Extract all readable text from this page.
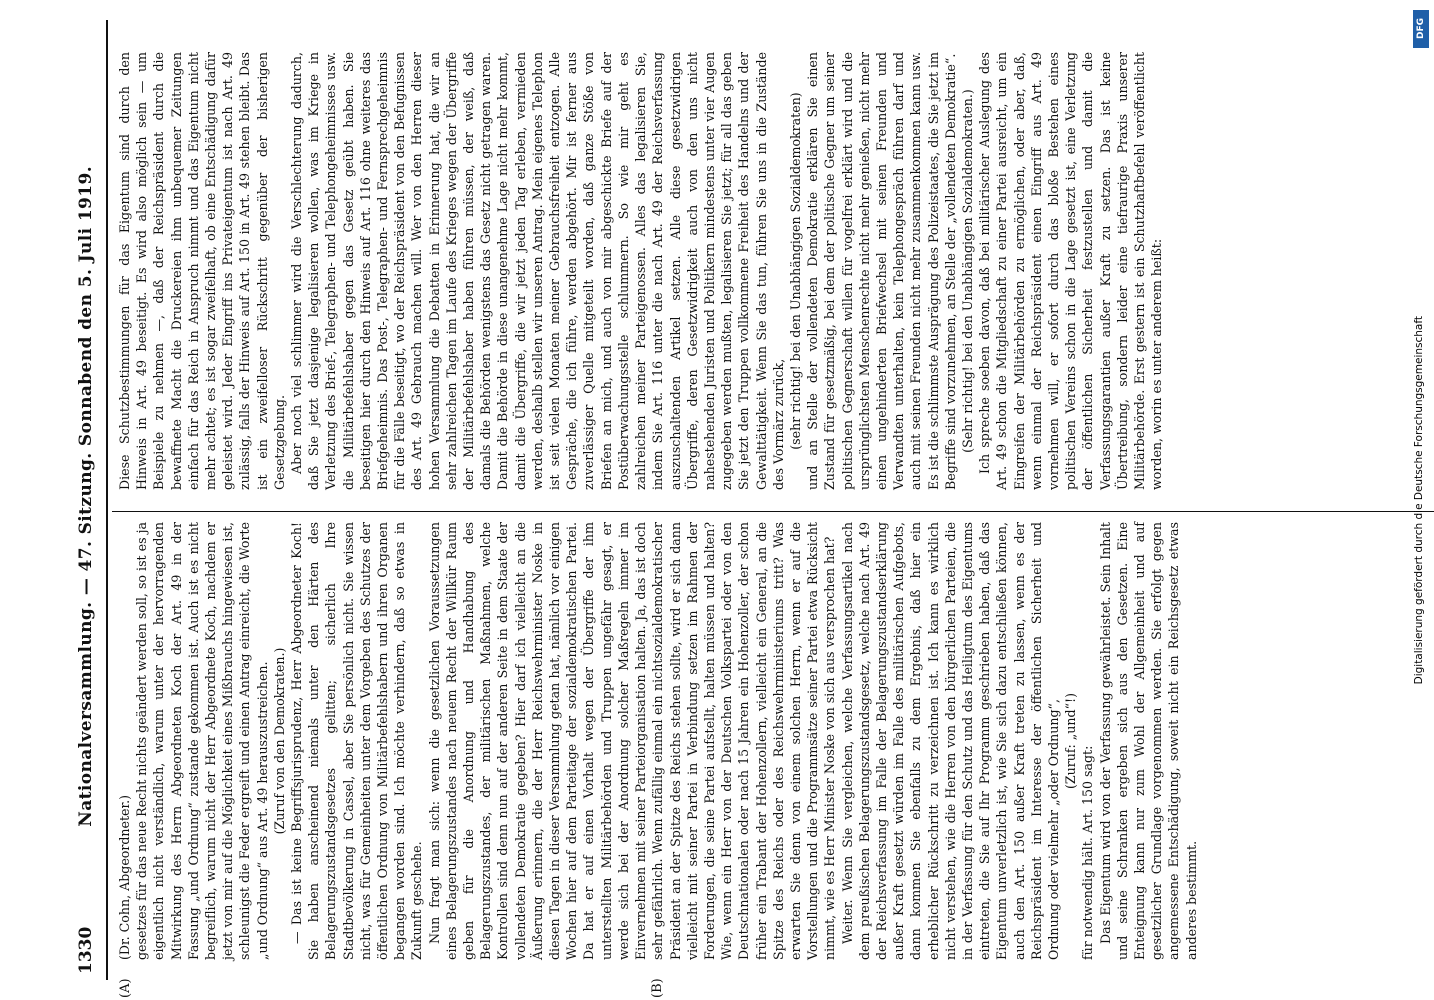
1330
Nationalversammlung. — 47. Sitzung. Sonnabend den 5. Juli 1919.
(A)	(B)

(Dr. Cohn, Abgeordneter.) gesetzes für das neue Recht nichts geändert werden soll, so ist es ja eigentlich nicht verständlich, warum unter der hervorragenden Mitwirkung des Herrn Abgeordneten Koch der Art. 49 in der Fassung „und Ordnung“ zustande gekommen ist. Auch ist es nicht begreiflich, warum nicht der Herr Abgeordnete Koch, nachdem er jetzt von mir auf die Möglichkeit eines Mißbrauchs hingewiesen ist, schleunigst die Feder ergreift und einen Antrag einreicht, die Worte „und Ordnung“ aus Art. 49 herauszustreichen. (Zuruf von den Demokraten.) — Das ist keine Begriffsjurisprudenz, Herr Abgeordneter Koch! Sie haben anscheinend niemals unter den Härten des Belagerungszustandsgesetzes gelitten; sicherlich Ihre Stadtbevölkerung in Cassel, aber Sie persönlich nicht. Sie wissen nicht, was für Gemeinheiten unter dem Vorgeben des Schutzes der öffentlichen Ordnung von Militärbefehlshabern und ihren Organen begangen worden sind. Ich möchte verhindern, daß so etwas in Zukunft geschehe. Nun fragt man sich: wenn die gesetzlichen Voraussetzungen eines Belagerungszustandes nach neuem Recht der Willkür Raum geben für die Anordnung und Handhabung des Belagerungszustandes, der militärischen Maßnahmen, welche Kontrollen sind denn nun auf der anderen Seite in dem Staate der vollendeten Demokratie gegeben? Hier darf ich vielleicht an die Äußerung erinnern, die der Herr Reichswehrminister Noske in diesen Tagen in dieser Versammlung getan hat, nämlich vor einigen Wochen hier auf dem Parteitage der sozialdemokratischen Partei. Da hat er auf einen Vorhalt wegen der Übergriffe der ihm unterstellten Militärbehörden und Truppen ungefähr gesagt, er werde sich bei der Anordnung solcher Maßregeln immer im Einvernehmen mit seiner Parteiorganisation halten. Ja, das ist doch sehr gefährlich. Wenn zufällig einmal ein nichtsozialdemokratischer Präsident an der Spitze des Reichs stehen sollte, wird er sich dann vielleicht mit seiner Partei in Verbindung setzen im Rahmen der Forderungen, die seine Partei aufstellt, halten müssen und halten? Wie, wenn ein Herr von der Deutschen Volkspartei oder von den Deutschnationalen oder nach 15 Jahren ein Hohenzoller, der schon früher ein Trabant der Hohenzollern, vielleicht ein General, an die Spitze des Reichs oder des Reichswehrministeriums tritt? Was erwarten Sie denn von einem solchen Herrn, wenn er auf die Vorstellungen und die Programmsätze seiner Partei etwa Rücksicht nimmt, wie es Herr Minister Noske von sich aus versprochen hat? Weiter. Wenn Sie vergleichen, welche Verfassungsartikel nach dem preußischen Belagerungszustandsgesetz, welche nach Art. 49 der Reichsverfassung im Falle der Belagerungszustandserklärung außer Kraft gesetzt würden im Falle des militärischen Aufgebots, dann kommen Sie ebenfalls zu dem Ergebnis, daß hier ein erheblicher Rückschritt zu verzeichnen ist. Ich kann es wirklich nicht verstehen, wie die Herren von den bürgerlichen Parteien, die in der Verfassung für den Schutz und das Heiligtum des Eigentums eintreten, die Sie auf Ihr Programm geschrieben haben, daß das Eigentum unverletzlich ist, wie Sie sich dazu entschließen können, auch den Art. 150 außer Kraft treten zu lassen, wenn es der Reichspräsident im Interesse der öffentlichen Sicherheit und Ordnung oder vielmehr „oder Ordnung“, (Zuruf: „und“!)

für notwendig hält. Art. 150 sagt: Das Eigentum wird von der Verfassung gewährleistet. Sein Inhalt und seine Schranken ergeben sich aus den Gesetzen. Eine Enteignung kann nur zum Wohl der Allgemeinheit und auf gesetzlicher Grundlage vorgenommen werden. Sie erfolgt gegen angemessene Entschädigung, soweit nicht ein Reichsgesetz etwas anderes bestimmt.

Diese Schutzbestimmungen für das Eigentum sind durch den Hinweis in Art. 49 beseitigt. Es wird also möglich sein — um Beispiele zu nehmen —, daß der Reichspräsident durch die bewaffnete Macht die Druckereien ihm unbequemer Zeitungen einfach für das Reich in Anspruch nimmt und das Eigentum nicht mehr achtet; es ist sogar zweifelhaft, ob eine Entschädigung dafür geleistet wird. Jeder Eingriff ins Privateigentum ist nach Art. 49 zulässig, falls der Hinweis auf Art. 150 in Art. 49 stehen bleibt. Das ist ein zweifelloser Rückschritt gegenüber der bisherigen Gesetzgebung. Aber noch viel schlimmer wird die Verschlechterung dadurch, daß Sie jetzt dasjenige legalisieren wollen, was im Kriege in Verletzung des Brief-, Telegraphen- und Telephongeheimnisses usw. die Militärbefehlshaber gegen das Gesetz geübt haben. Sie beseitigen hier durch den Hinweis auf Art. 116 ohne weiteres das Briefgeheimnis. Das Post-, Telegraphen- und Fernsprechgeheimnis für die Fälle beseitigt, wo der Reichspräsident von den Befugnissen des Art. 49 Gebrauch machen will. Wer von den Herren dieser hohen Versammlung die Debatten in Erinnerung hat, die wir an sehr zahlreichen Tagen im Laufe des Krieges wegen der Übergriffe der Militärbefehlshaber haben führen müssen, der weiß, daß damals die Behörden wenigstens das Gesetz nicht getragen waren. Damit die Behörde in diese unangenehme Lage nicht mehr kommt, damit die Übergriffe, die wir jetzt jeden Tag erleben, vermieden werden, deshalb stellen wir unseren Antrag. Mein eigenes Telephon ist seit vielen Monaten meiner Gebrauchsfreiheit entzogen. Alle Gespräche, die ich führe, werden abgehört. Mir ist ferner aus zuverlässiger Quelle mitgeteilt worden, daß ganze Stöße von Briefen an mich, und auch von mir abgeschickte Briefe auf der Postüberwachungsstelle schlummern. So wie mir geht es zahlreichen meiner Parteigenossen. Alles das legalisieren Sie, indem Sie Art. 116 unter die nach Art. 49 der Reichsverfassung auszuschaltenden Artikel setzen. Alle diese gesetzwidrigen Übergriffe, deren Gesetzwidrigkeit auch von den uns nicht nahestehenden Juristen und Politikern mindestens unter vier Augen zugegeben werden mußten, legalisieren Sie jetzt; für all das geben Sie jetzt den Truppen vollkommene Freiheit des Handelns und der Gewalttätigkeit. Wenn Sie das tun, führen Sie uns in die Zustände des Vormärz zurück, (sehr richtig! bei den Unabhängigen Sozialdemokraten) und an Stelle der vollendeten Demokratie erklären Sie einen Zustand für gesetzmäßig, bei dem der politische Gegner um seiner politischen Gegnerschaft willen für vogelfrei erklärt wird und die ursprünglichsten Menschenrechte nicht mehr genießen, nicht mehr einen ungehinderten Briefwechsel mit seinen Freunden und Verwandten unterhalten, kein Telephongespräch führen darf und auch mit seinen Freunden nicht mehr zusammenkommen kann usw. Es ist die schlimmste Ausprägung des Polizeistaates, die Sie jetzt im Begriffe sind vorzunehmen, an Stelle der „vollendeten Demokratie“. (Sehr richtig! bei den Unabhängigen Sozialdemokraten.) Ich spreche soeben davon, daß bei militärischer Auslegung des Art. 49 schon die Mitgliedschaft zu einer Partei ausreicht, um ein Eingreifen der Militärbehörden zu ermöglichen, oder aber, daß, wenn einmal der Reichspräsident einen Eingriff aus Art. 49 vornehmen will, er sofort durch das bloße Bestehen eines politischen Vereins schon in die Lage gesetzt ist, eine Verletzung der öffentlichen Sicherheit festzustellen und damit die Verfassungsgarantien außer Kraft zu setzen. Das ist keine Übertreibung, sondern leider eine tiefraurige Praxis unserer Militärbehörde. Erst gestern ist ein Schutzhaftbefehl veröffentlicht worden, worin es unter anderem heißt:	Digitalisierung gefördert durch die Deutsche Forschungsgemeinschaft
DFG
